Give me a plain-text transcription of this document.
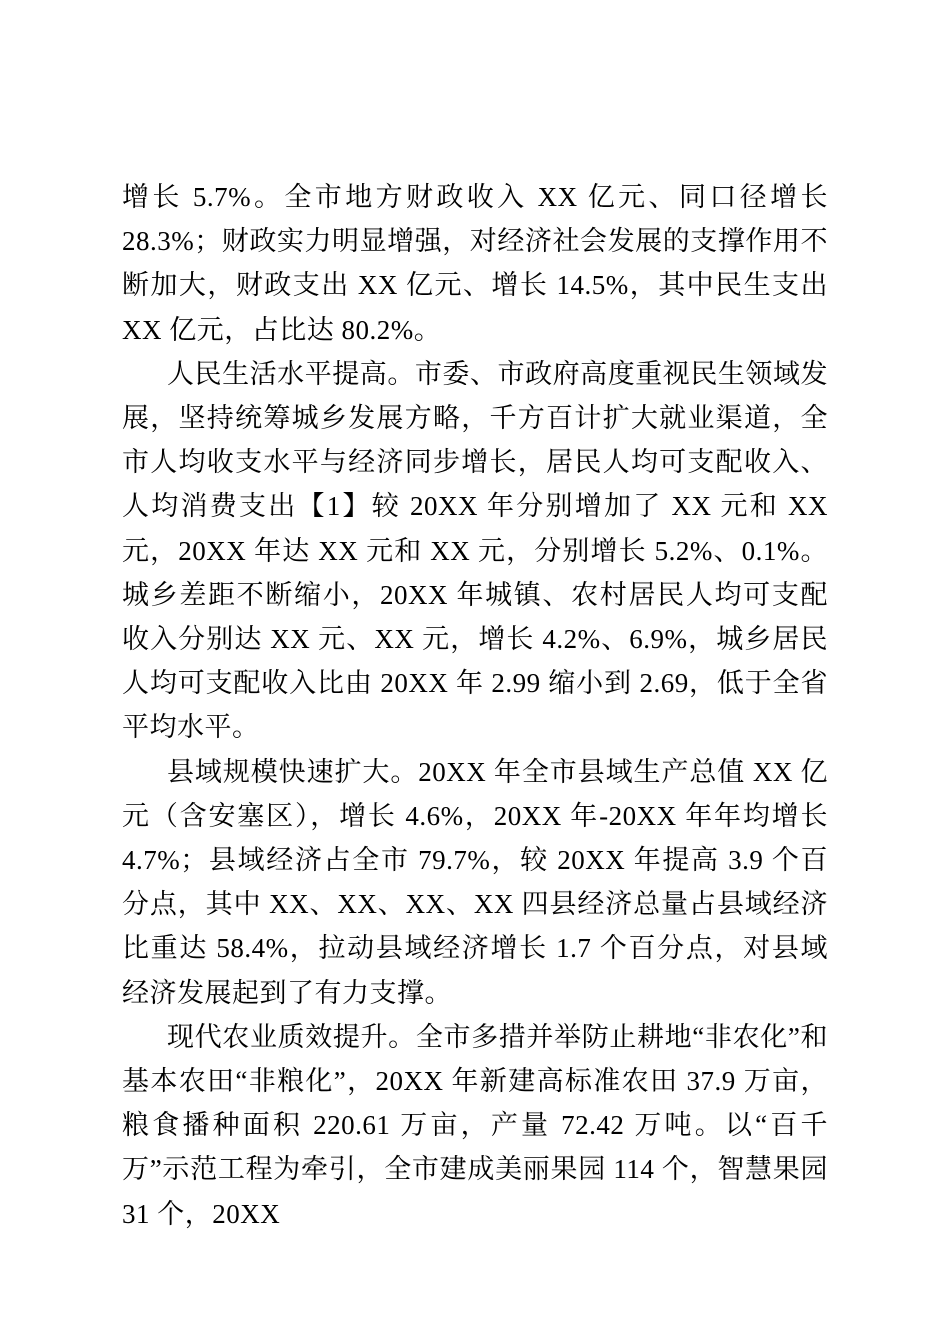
增长 5.7%。全市地方财政收入 XX 亿元、同口径增长 28.3%；财政实力明显增强，对经济社会发展的支撑作用不断加大，财政支出 XX 亿元、增长 14.5%，其中民生支出 XX 亿元，占比达 80.2%。

人民生活水平提高。市委、市政府高度重视民生领域发展，坚持统筹城乡发展方略，千方百计扩大就业渠道，全市人均收支水平与经济同步增长，居民人均可支配收入、人均消费支出【1】较 20XX 年分别增加了 XX 元和 XX 元，20XX 年达 XX 元和 XX 元，分别增长 5.2%、0.1%。城乡差距不断缩小，20XX 年城镇、农村居民人均可支配收入分别达 XX 元、XX 元，增长 4.2%、6.9%，城乡居民人均可支配收入比由 20XX 年 2.99 缩小到 2.69，低于全省平均水平。

县域规模快速扩大。20XX 年全市县域生产总值 XX 亿元（含安塞区），增长 4.6%，20XX 年-20XX 年年均增长 4.7%；县域经济占全市 79.7%，较 20XX 年提高 3.9 个百分点，其中 XX、XX、XX、XX 四县经济总量占县域经济比重达 58.4%，拉动县域经济增长 1.7 个百分点，对县域经济发展起到了有力支撑。

现代农业质效提升。全市多措并举防止耕地“非农化”和基本农田“非粮化”，20XX 年新建高标准农田 37.9 万亩，粮食播种面积 220.61 万亩，产量 72.42 万吨。以“百千万”示范工程为牵引，全市建成美丽果园 114 个，智慧果园 31 个，20XX
